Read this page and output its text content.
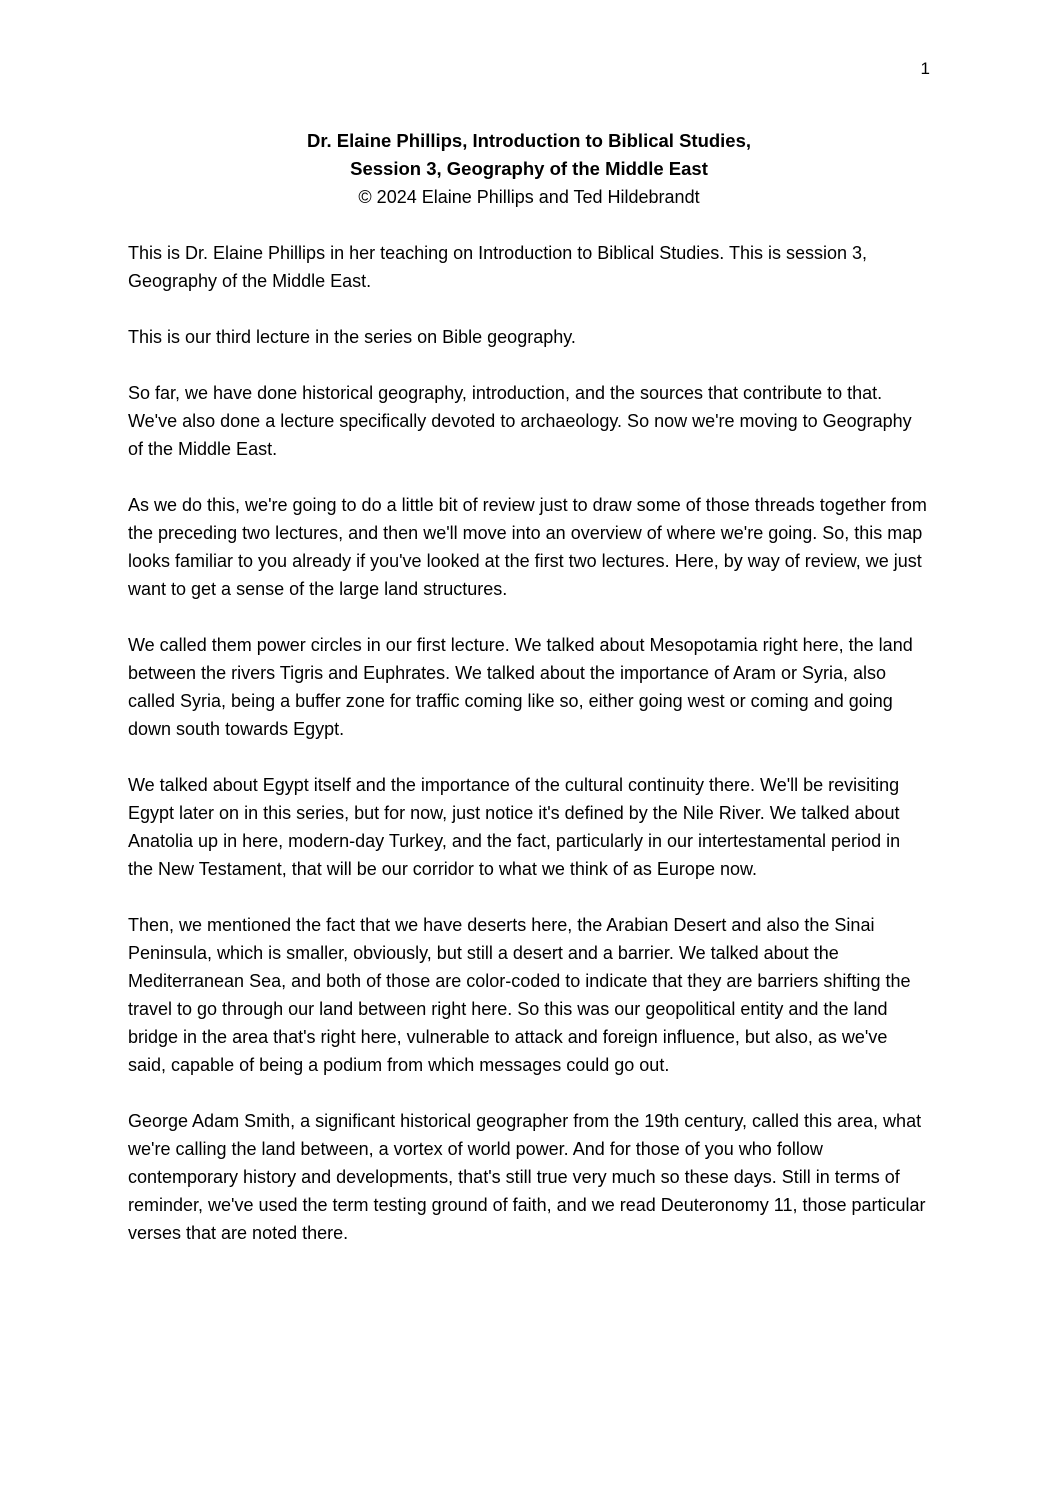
1
Dr. Elaine Phillips, Introduction to Biblical Studies,
Session 3, Geography of the Middle East
© 2024 Elaine Phillips and Ted Hildebrandt

This is Dr. Elaine Phillips in her teaching on Introduction to Biblical Studies. This is session 3, Geography of the Middle East.

This is our third lecture in the series on Bible geography.

So far, we have done historical geography, introduction, and the sources that contribute to that. We've also done a lecture specifically devoted to archaeology. So now we're moving to Geography of the Middle East.

As we do this, we're going to do a little bit of review just to draw some of those threads together from the preceding two lectures, and then we'll move into an overview of where we're going. So, this map looks familiar to you already if you've looked at the first two lectures. Here, by way of review, we just want to get a sense of the large land structures.

We called them power circles in our first lecture. We talked about Mesopotamia right here, the land between the rivers Tigris and Euphrates. We talked about the importance of Aram or Syria, also called Syria, being a buffer zone for traffic coming like so, either going west or coming and going down south towards Egypt.

We talked about Egypt itself and the importance of the cultural continuity there. We'll be revisiting Egypt later on in this series, but for now, just notice it's defined by the Nile River. We talked about Anatolia up in here, modern-day Turkey, and the fact, particularly in our intertestamental period in the New Testament, that will be our corridor to what we think of as Europe now.

Then, we mentioned the fact that we have deserts here, the Arabian Desert and also the Sinai Peninsula, which is smaller, obviously, but still a desert and a barrier. We talked about the Mediterranean Sea, and both of those are color-coded to indicate that they are barriers shifting the travel to go through our land between right here. So this was our geopolitical entity and the land bridge in the area that's right here, vulnerable to attack and foreign influence, but also, as we've said, capable of being a podium from which messages could go out.

George Adam Smith, a significant historical geographer from the 19th century, called this area, what we're calling the land between, a vortex of world power. And for those of you who follow contemporary history and developments, that's still true very much so these days. Still in terms of reminder, we've used the term testing ground of faith, and we read Deuteronomy 11, those particular verses that are noted there.
